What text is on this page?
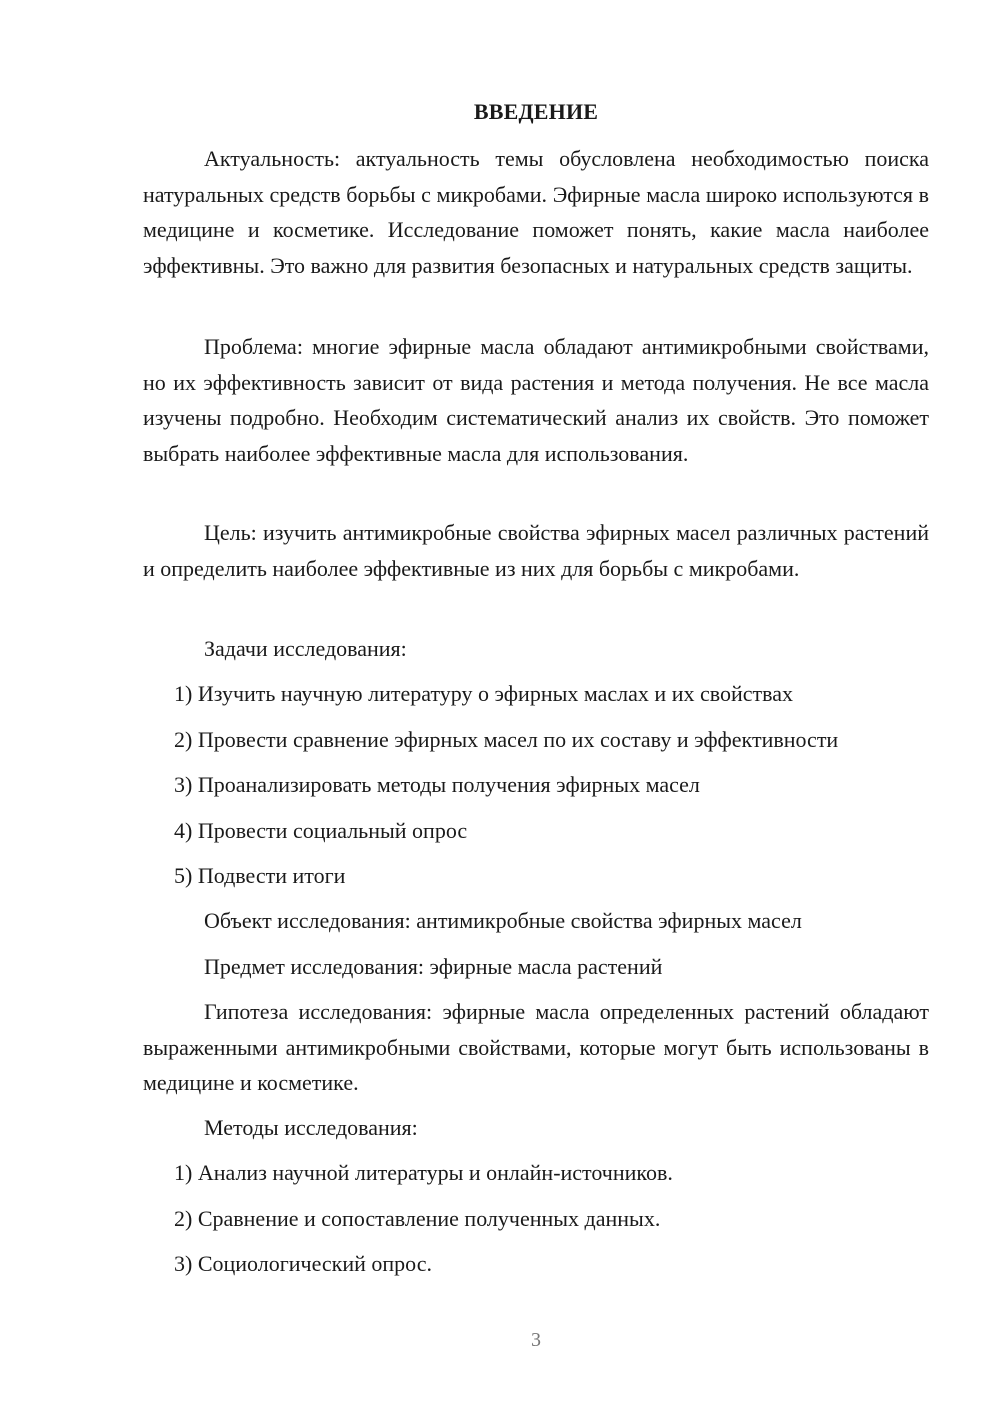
ВВЕДЕНИЕ

Актуальность: актуальность темы обусловлена необходимостью поиска натуральных средств борьбы с микробами. Эфирные масла широко используются в медицине и косметике. Исследование поможет понять, какие масла наиболее эффективны. Это важно для развития безопасных и натуральных средств защиты.

Проблема: многие эфирные масла обладают антимикробными свойствами, но их эффективность зависит от вида растения и метода получения. Не все масла изучены подробно. Необходим систематический анализ их свойств. Это поможет выбрать наиболее эффективные масла для использования.

Цель: изучить антимикробные свойства эфирных масел различных растений и определить наиболее эффективные из них для борьбы с микробами.

Задачи исследования:

1) Изучить научную литературу о эфирных маслах и их свойствах

2) Провести сравнение эфирных масел по их составу и эффективности

3) Проанализировать методы получения эфирных масел

4) Провести социальный опрос

5) Подвести итоги

Объект исследования: антимикробные свойства эфирных масел

Предмет исследования: эфирные масла растений

Гипотеза исследования: эфирные масла определенных растений обладают выраженными антимикробными свойствами, которые могут быть использованы в медицине и косметике.

Методы исследования:

1) Анализ научной литературы и онлайн-источников.

2) Сравнение и сопоставление полученных данных.

3) Социологический опрос.

3
